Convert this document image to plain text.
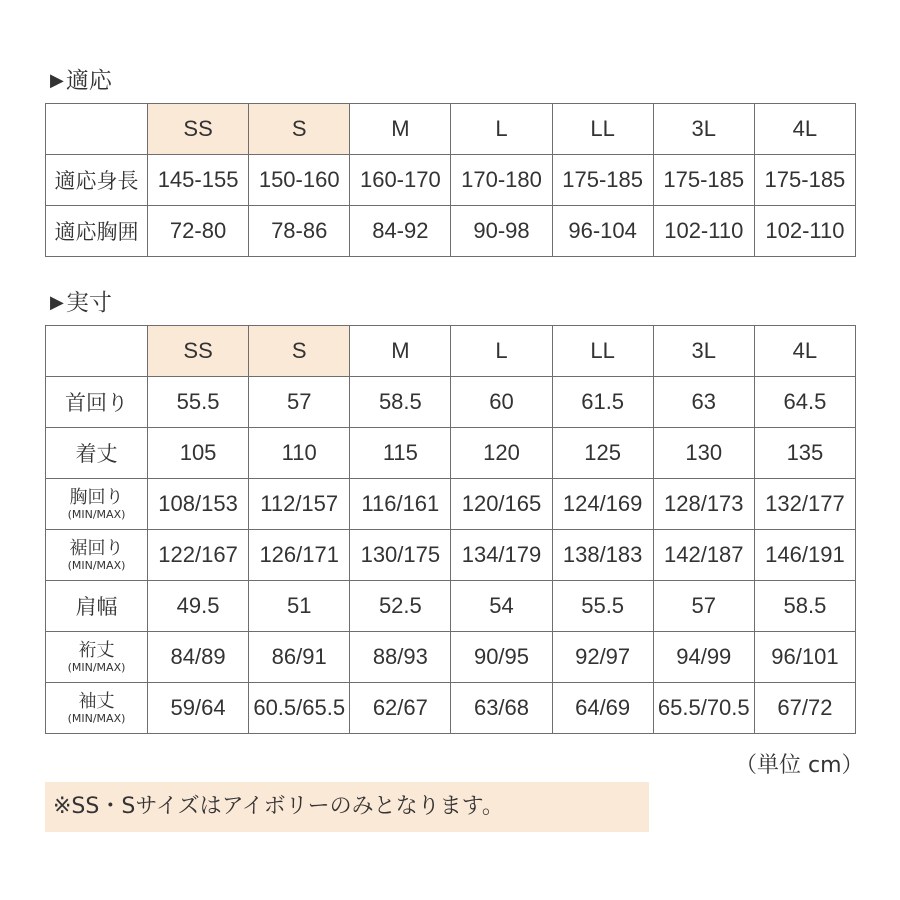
▶適応
	SS	S	M	L	LL	3L	4L
適応身長	145-155	150-160	160-170	170-180	175-185	175-185	175-185
適応胸囲	72-80	78-86	84-92	90-98	96-104	102-110	102-110
▶実寸
	SS	S	M	L	LL	3L	4L
首回り	55.5	57	58.5	60	61.5	63	64.5
着丈	105	110	115	120	125	130	135

胸回り
(MIN/MAX)	108/153	112/157	116/161	120/165	124/169	128/173	132/177

裾回り
(MIN/MAX)	122/167	126/171	130/175	134/179	138/183	142/187	146/191
肩幅	49.5	51	52.5	54	55.5	57	58.5

裄丈
(MIN/MAX)	84/89	86/91	88/93	90/95	92/97	94/99	96/101

袖丈
(MIN/MAX)	59/64	60.5/65.5	62/67	63/68	64/69	65.5/70.5	67/72
（単位 cm）
※SS・Sサイズはアイボリーのみとなります。
